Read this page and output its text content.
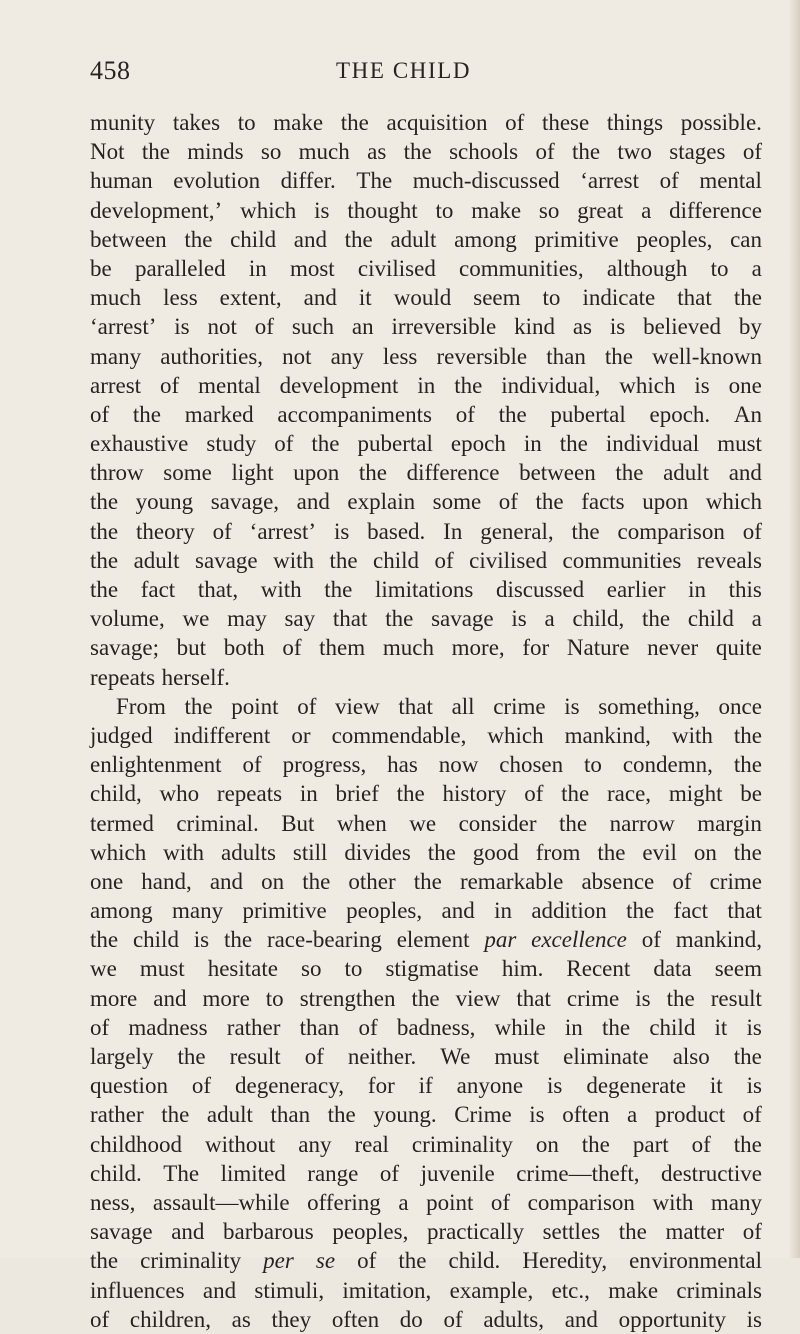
458	THE CHILD
munity takes to make the acquisition of these things possible.
Not the minds so much as the schools of the two stages of
human evolution differ. The much-discussed ‘arrest of mental
development,’ which is thought to make so great a difference
between the child and the adult among primitive peoples, can
be paralleled in most civilised communities, although to a
much less extent, and it would seem to indicate that the
‘arrest’ is not of such an irreversible kind as is believed by
many authorities, not any less reversible than the well-known
arrest of mental development in the individual, which is one
of the marked accompaniments of the pubertal epoch. An
exhaustive study of the pubertal epoch in the individual must
throw some light upon the difference between the adult and
the young savage, and explain some of the facts upon which
the theory of ‘arrest’ is based. In general, the comparison of
the adult savage with the child of civilised communities reveals
the fact that, with the limitations discussed earlier in this
volume, we may say that the savage is a child, the child a
savage; but both of them much more, for Nature never quite
repeats herself.
From the point of view that all crime is something, once
judged indifferent or commendable, which mankind, with the
enlightenment of progress, has now chosen to condemn, the
child, who repeats in brief the history of the race, might be
termed criminal. But when we consider the narrow margin
which with adults still divides the good from the evil on the
one hand, and on the other the remarkable absence of crime
among many primitive peoples, and in addition the fact that
the child is the race-bearing element par excellence of mankind,
we must hesitate so to stigmatise him. Recent data seem
more and more to strengthen the view that crime is the result
of madness rather than of badness, while in the child it is
largely the result of neither. We must eliminate also the
question of degeneracy, for if anyone is degenerate it is
rather the adult than the young. Crime is often a product of
childhood without any real criminality on the part of the
child. The limited range of juvenile crime—theft, destructive
ness, assault—while offering a point of comparison with many
savage and barbarous peoples, practically settles the matter of
the criminality per se of the child. Heredity, environmental
influences and stimuli, imitation, example, etc., make criminals
of children, as they often do of adults, and opportunity is
